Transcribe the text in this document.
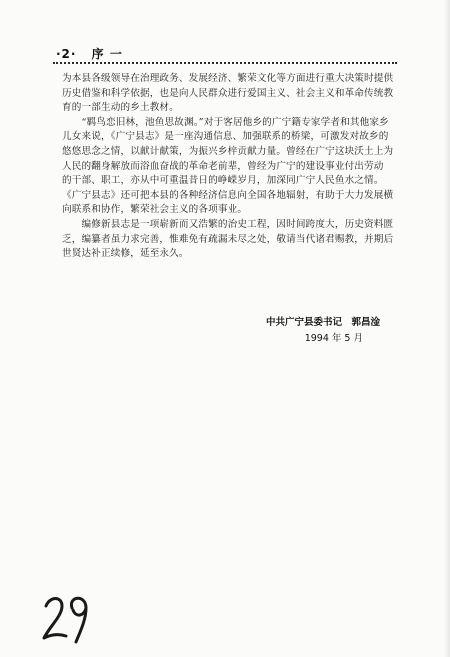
·2· 序 一
为本县各级领导在治理政务、发展经济、繁荣文化等方面进行重大决策时提供
历史借鉴和科学依据，也是向人民群众进行爱国主义、社会主义和革命传统教
育的一部生动的乡土教材。
　　“羁鸟恋旧林，池鱼思故渊。”对于客居他乡的广宁籍专家学者和其他家乡
儿女来说，《广宁县志》是一座沟通信息、加强联系的桥梁，可激发对故乡的
悠悠思念之情，以献计献策，为振兴乡梓贡献力量。曾经在广宁这块沃土上为
人民的翻身解放而浴血奋战的革命老前辈，曾经为广宁的建设事业付出劳动
的干部、职工，亦从中可重温昔日的峥嵘岁月，加深同广宁人民鱼水之情。
《广宁县志》还可把本县的各种经济信息向全国各地辐射，有助于大力发展横
向联系和协作，繁荣社会主义的各项事业。
　　编修新县志是一项崭新而又浩繁的治史工程，因时间跨度大，历史资料匮
乏，编纂者虽力求完善，惟难免有疏漏未尽之处，敬请当代诸君赐教，并期后
世贤达补正续修，延至永久。
中共广宁县委书记　郭昌淦
1994 年 5 月
